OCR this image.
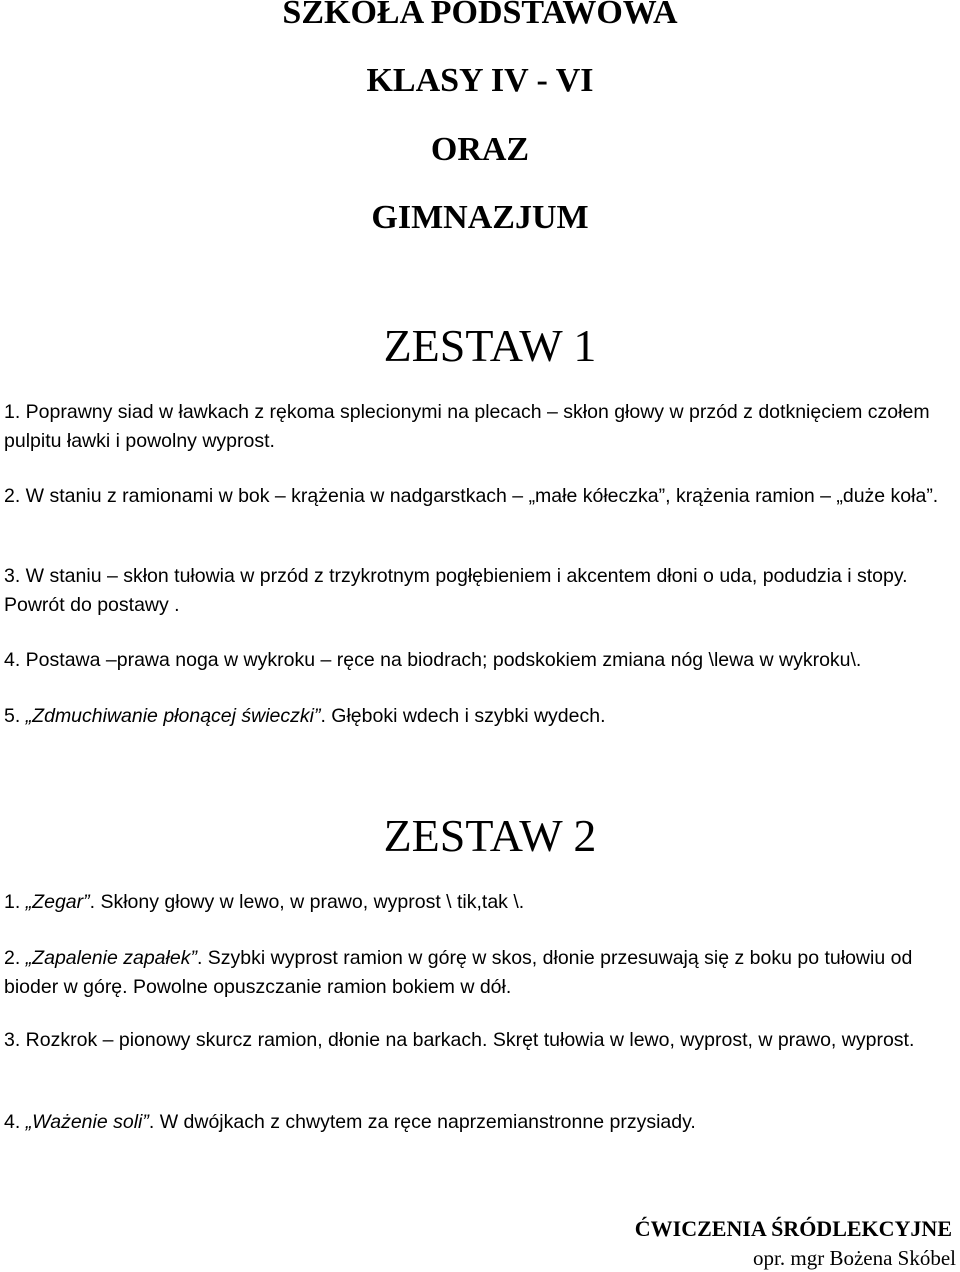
SZKOŁA PODSTAWOWA
KLASY IV - VI
ORAZ
GIMNAZJUM
ZESTAW 1

1. Poprawny siad w ławkach z rękoma splecionymi na plecach – skłon głowy w przód z dotknięciem czołem pulpitu ławki i powolny wyprost.

2. W staniu z ramionami w bok – krążenia w nadgarstkach – „małe kółeczka”, krążenia ramion – „duże koła”.

3. W staniu – skłon tułowia w przód z trzykrotnym pogłębieniem i akcentem dłoni o uda, podudzia i stopy. Powrót do postawy .

4. Postawa –prawa noga w wykroku – ręce na biodrach; podskokiem zmiana nóg \lewa w wykroku\.

5. „Zdmuchiwanie płonącej świeczki”. Głęboki wdech i szybki wydech.

ZESTAW 2

1. „Zegar”. Skłony głowy w lewo, w prawo, wyprost \ tik,tak \.

2. „Zapalenie zapałek”. Szybki wyprost ramion w górę w skos, dłonie przesuwają się z boku po tułowiu od bioder w górę. Powolne opuszczanie ramion bokiem w dół.

3. Rozkrok – pionowy skurcz ramion, dłonie na barkach. Skręt tułowia w lewo, wyprost, w prawo, wyprost.

4. „Ważenie soli”. W dwójkach z chwytem za ręce naprzemianstronne przysiady.

ĆWICZENIA ŚRÓDLEKCYJNE
opr. mgr Bożena Skóbel
